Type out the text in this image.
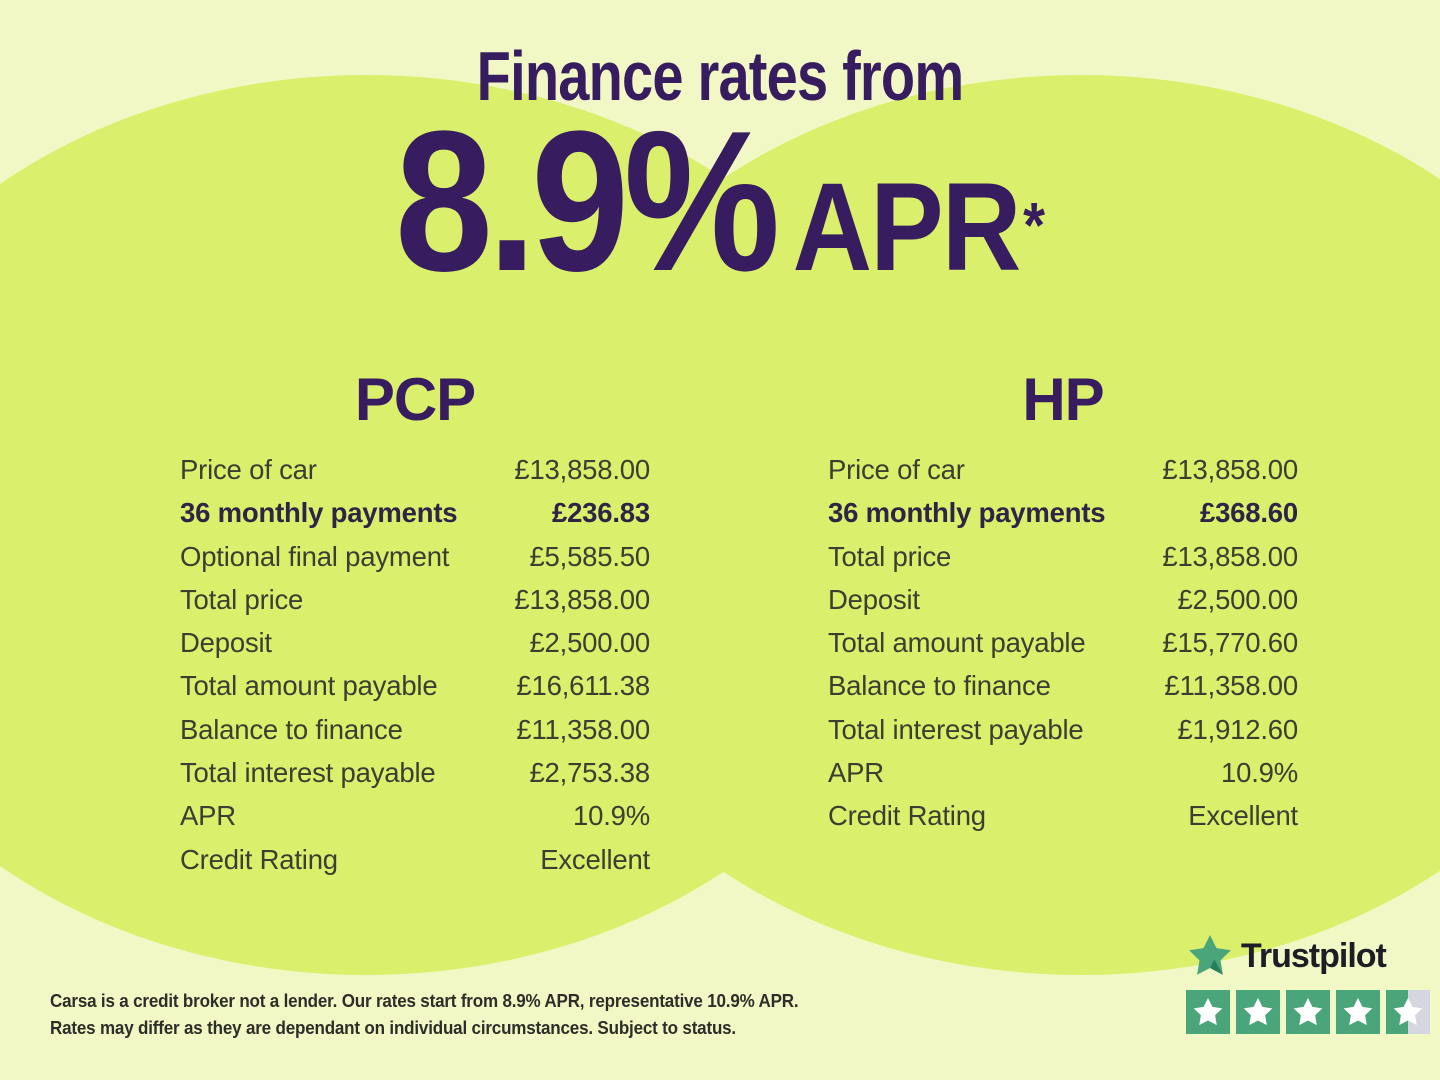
Finance rates from
8.9% APR *
PCP
Price of car	£13,858.00
36 monthly payments	£236.83
Optional final payment	£5,585.50
Total price	£13,858.00
Deposit	£2,500.00
Total amount payable	£16,611.38
Balance to finance	£11,358.00
Total interest payable	£2,753.38
APR	10.9%
Credit Rating	Excellent
HP
Price of car	£13,858.00
36 monthly payments	£368.60
Total price	£13,858.00
Deposit	£2,500.00
Total amount payable	£15,770.60
Balance to finance	£11,358.00
Total interest payable	£1,912.60
APR	10.9%
Credit Rating	Excellent
Carsa is a credit broker not a lender. Our rates start from 8.9% APR, representative 10.9% APR.
Rates may differ as they are dependant on individual circumstances. Subject to status.
Trustpilot
